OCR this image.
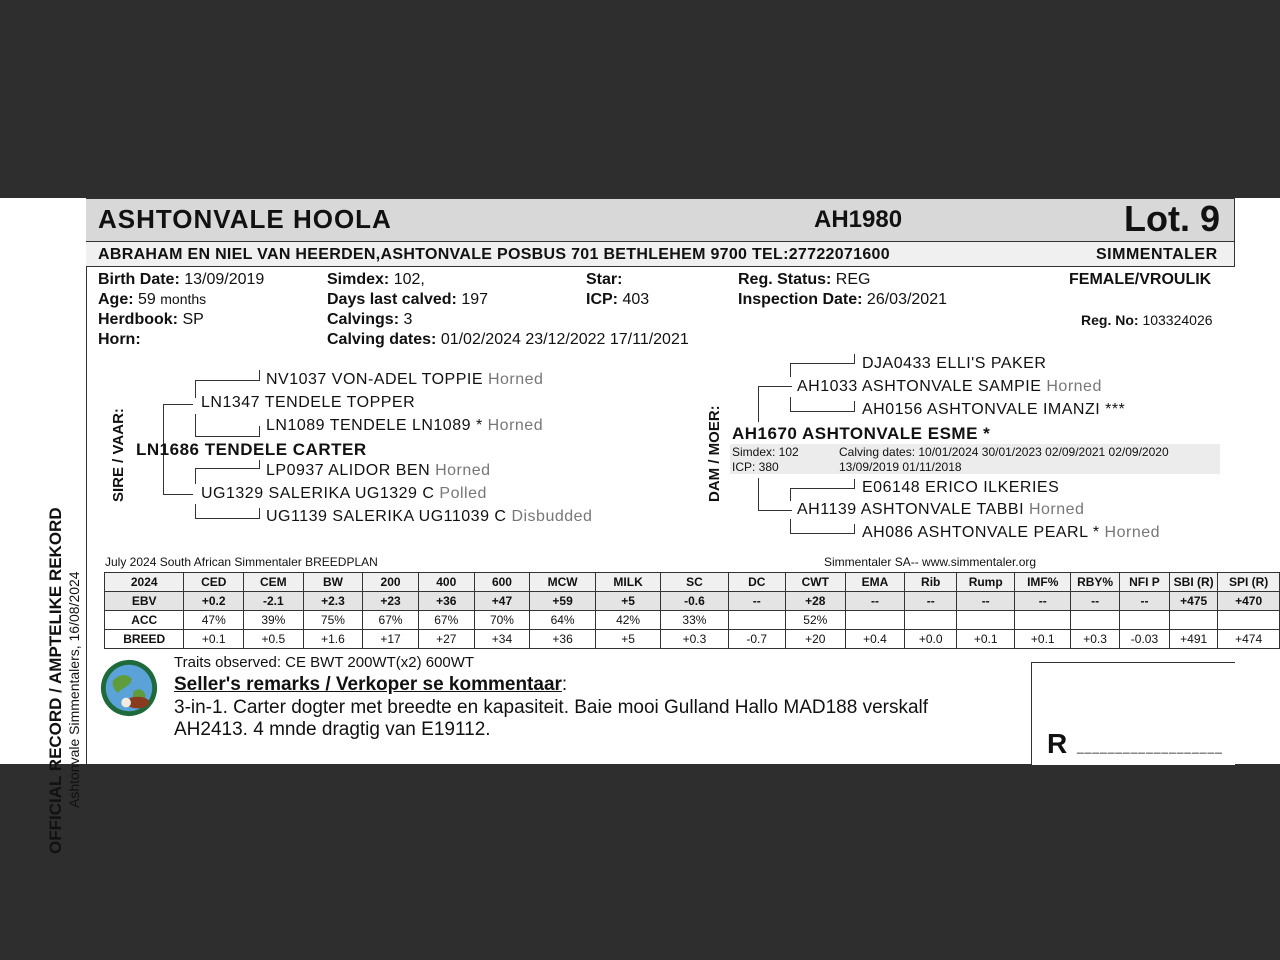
OFFICIAL RECORD / AMPTELIKE REKORD Ashtonvale Simmentalers, 16/08/2024
ASHTONVALE HOOLA	AH1980	Lot. 9
ABRAHAM EN NIEL VAN HEERDEN,ASHTONVALE POSBUS 701 BETHLEHEM 9700 TEL:27722071600	SIMMENTALER
Birth Date: 13/09/2019
Age: 59 months
Herdbook: SP
Horn:
Simdex: 102,
Days last calved: 197
Calvings: 3
Calving dates: 01/02/2024 23/12/2022 17/11/2021
Star:
ICP: 403
Reg. Status: REG
Inspection Date: 26/03/2021
FEMALE/VROULIK
Reg. No: 103324026
SIRE / VAAR:
NV1037 VON-ADEL TOPPIE Horned
LN1347 TENDELE TOPPER
LN1089 TENDELE LN1089 * Horned
LN1686 TENDELE CARTER
LP0937 ALIDOR BEN Horned
UG1329 SALERIKA UG1329 C Polled
UG1139 SALERIKA UG11039 C Disbudded
DAM / MOER:
DJA0433 ELLI'S PAKER
AH1033 ASHTONVALE SAMPIE Horned
AH0156 ASHTONVALE IMANZI ***
AH1670 ASHTONVALE ESME *
Simdex: 102
ICP: 380
Calving dates: 10/01/2024 30/01/2023 02/09/2021 02/09/2020
13/09/2019 01/11/2018
E06148 ERICO ILKERIES
AH1139 ASHTONVALE TABBI Horned
AH086 ASHTONVALE PEARL * Horned
July 2024 South African Simmentaler BREEDPLAN	Simmentaler SA-- www.simmentaler.org
2024	CED	CEM	BW	200	400	600	MCW	MILK	SC	DC	CWT	EMA	Rib	Rump	IMF%	RBY%	NFI P	SBI (R)	SPI (R)
EBV	+0.2	-2.1	+2.3	+23	+36	+47	+59	+5	-0.6	--	+28	--	--	--	--	--	--	+475	+470
ACC	47%	39%	75%	67%	67%	70%	64%	42%	33%		52%								
BREED	+0.1	+0.5	+1.6	+17	+27	+34	+36	+5	+0.3	-0.7	+20	+0.4	+0.0	+0.1	+0.1	+0.3	-0.03	+491	+474
Traits observed: CE BWT 200WT(x2) 600WT
Seller's remarks / Verkoper se kommentaar:
3-in-1. Carter dogter met breedte en kapasiteit. Baie mooi Gulland Hallo MAD188 verskalf
AH2413. 4 mnde dragtig van E19112.	R ___________________
